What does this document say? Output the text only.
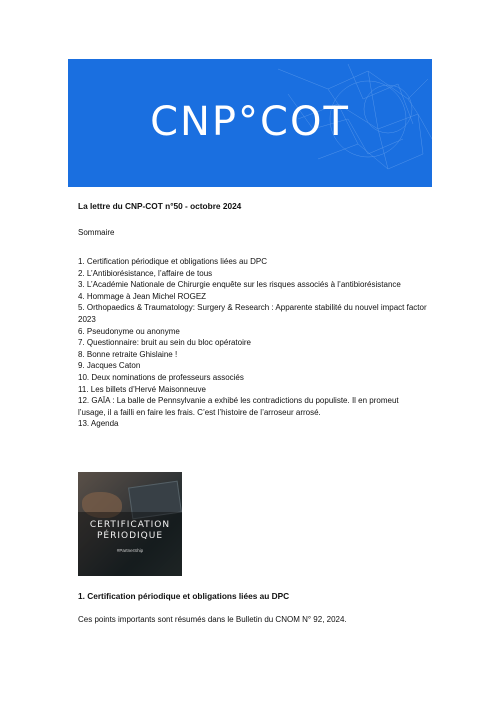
CNP°COT
La lettre du CNP-COT n°50 - octobre 2024
Sommaire
1. Certification périodique et obligations liées au DPC
2. L’Antibiorésistance, l’affaire de tous
3. L’Académie Nationale de Chirurgie enquête sur les risques associés à l’antibiorésistance
4. Hommage à Jean Michel ROGEZ
5. Orthopaedics & Traumatology: Surgery & Research : Apparente stabilité du nouvel impact factor 2023
6. Pseudonyme ou anonyme
7. Questionnaire: bruit au sein du bloc opératoire
8. Bonne retraite Ghislaine !
9. Jacques Caton
10. Deux nominations de professeurs associés
11. Les billets d’Hervé Maisonneuve
12. GAÏA : La balle de Pennsylvanie a exhibé les contradictions du populiste. Il en promeut l’usage, il a failli en faire les frais. C’est l’histoire de l’arroseur arrosé.
13. Agenda
CERTIFICATION
PÉRIODIQUE
#PartnerShip
1. Certification périodique et obligations liées au DPC
Ces points importants sont résumés dans le Bulletin du CNOM N° 92, 2024.
